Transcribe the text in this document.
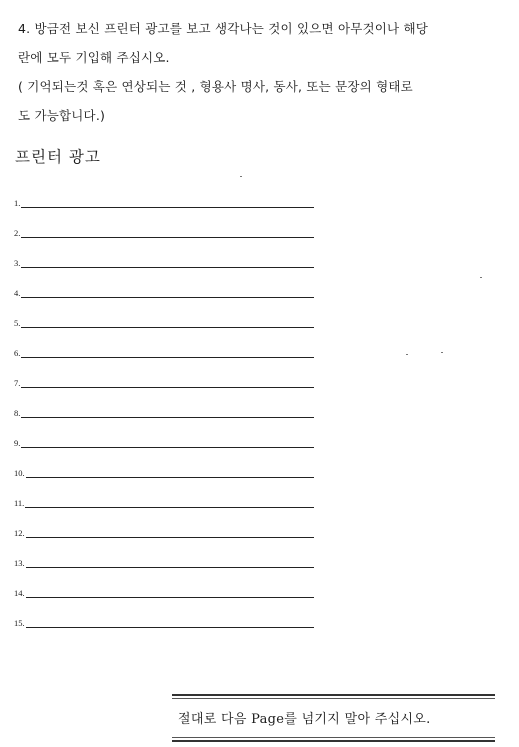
4. 방금전 보신 프린터 광고를 보고 생각나는 것이 있으면 아무것이나 해당
란에 모두 기입해 주십시오.
( 기억되는것 혹은 연상되는 것 , 형용사 명사, 동사, 또는 문장의 형태로
도 가능합니다.)
프린터 광고
1.
2.
3.
4.
5.
6.
7.
8.
9.
10.
11.
12.
13.
14.
15.
절대로 다음 Page를 넘기지 말아 주십시오.
